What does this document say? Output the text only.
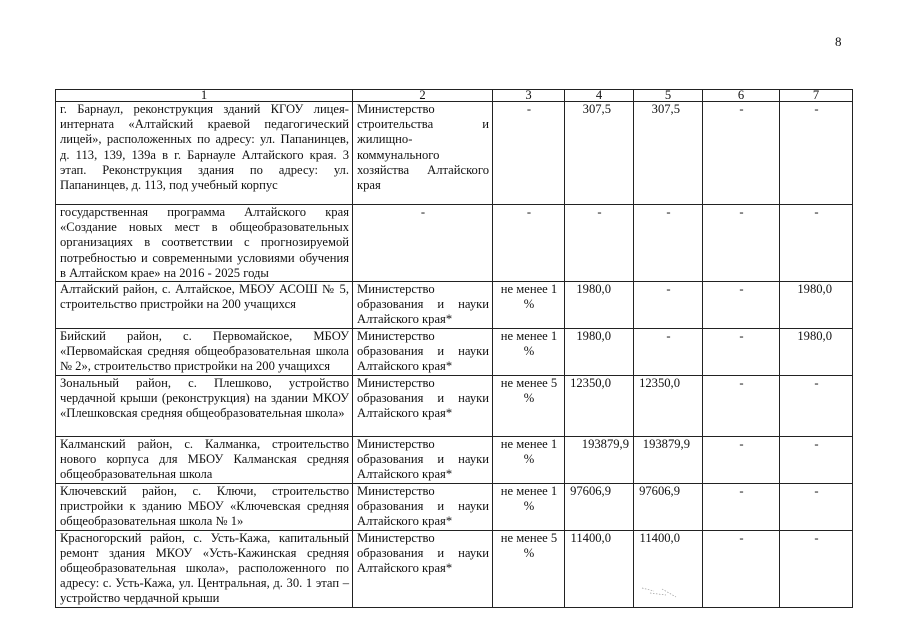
8
1	2	3	4	5	6	7
г. Барнаул, реконструкция зданий КГОУ лицея-интерната «Алтайский краевой педагогический лицей», расположенных по адресу: ул. Папанинцев, д. 113, 139, 139а в г. Барнауле Алтайского края. 3 этап. Реконструкция здания по адресу: ул. Папанинцев, д. 113, под учебный корпус	Министерство строительства и жилищно-коммунального хозяйства Алтайского края	-	307,5	307,5	-	-
государственная программа Алтайского края «Создание новых мест в общеобразовательных организациях в соответствии с прогнозируемой потребностью и современными условиями обучения в Алтайском крае» на 2016 - 2025 годы	-	-	-	-	-	-
Алтайский район, с. Алтайское, МБОУ АСОШ № 5, строительство пристройки на 200 учащихся	Министерство образования и науки Алтайского края*	не менее 1 %	1980,0	-	-	1980,0
Бийский район, с. Первомайское, МБОУ «Первомайская средняя общеобразовательная школа № 2», строительство пристройки на 200 учащихся	Министерство образования и науки Алтайского края*	не менее 1 %	1980,0	-	-	1980,0
Зональный район, с. Плешково, устройство чердачной крыши (реконструкция) на здании МКОУ «Плешковская средняя общеобразовательная школа»	Министерство образования и науки Алтайского края*	не менее 5 %	12350,0	12350,0	-	-
Калманский район, с. Калманка, строительство нового корпуса для МБОУ Калманская средняя общеобразовательная школа	Министерство образования и науки Алтайского края*	не менее 1 %	193879,9	193879,9	-	-
Ключевский район, с. Ключи, строительство пристройки к зданию МБОУ «Ключевская средняя общеобразовательная школа № 1»	Министерство образования и науки Алтайского края*	не менее 1 %	97606,9	97606,9	-	-
Красногорский район, с. Усть-Кажа, капитальный ремонт здания МКОУ «Усть-Кажинская средняя общеобразовательная школа», расположенного по адресу: с. Усть-Кажа, ул. Центральная, д. 30. 1 этап – устройство чердачной крыши	Министерство образования и науки Алтайского края*	не менее 5 %	11400,0	11400,0	-	-
